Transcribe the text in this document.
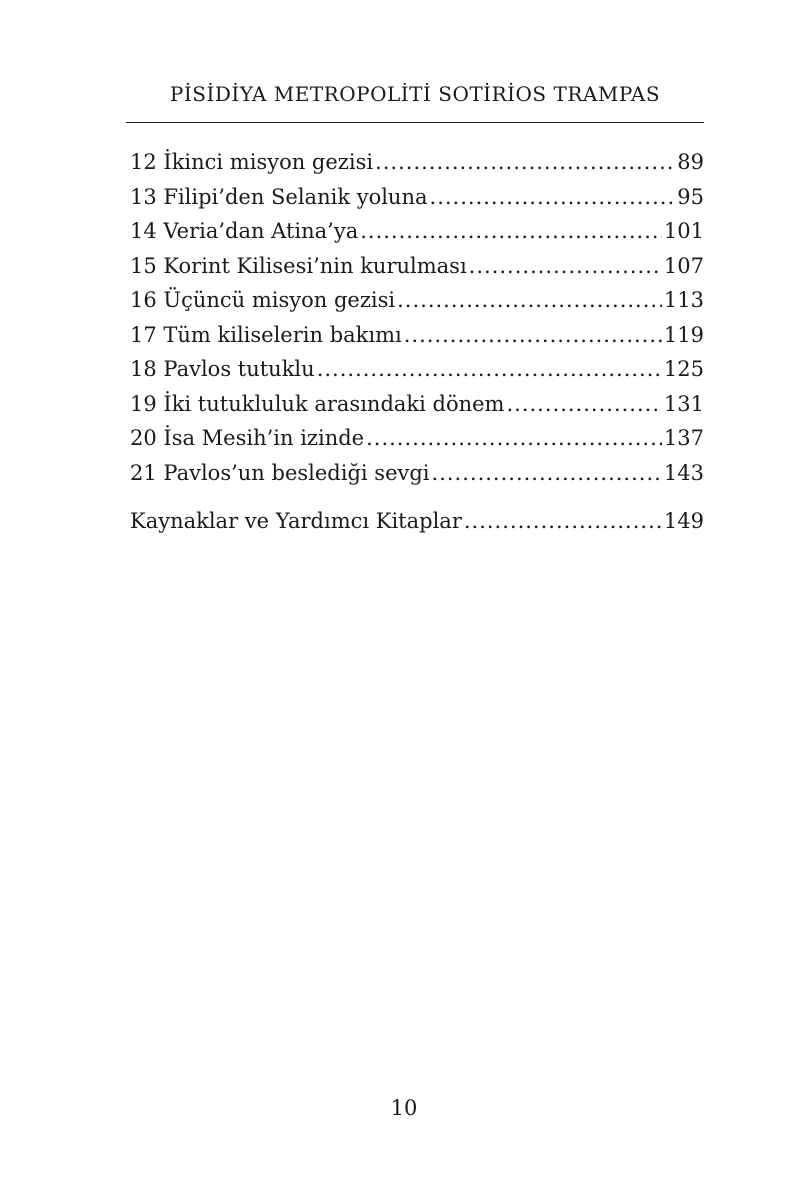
PİSİDİYA METROPOLİTİ SOTİRİOS TRAMPAS
12 İkinci misyon gezisi .....	89
13 Filipi’den Selanik yoluna .....	95
14 Veria’dan Atina’ya .....	101
15 Korint Kilisesi’nin kurulması .....	107
16 Üçüncü misyon gezisi .....	113
17 Tüm kiliselerin bakımı .....	119
18 Pavlos tutuklu .....	125
19 İki tutukluluk arasındaki dönem .....	131
20 İsa Mesih’in izinde .....	137
21 Pavlos’un beslediği sevgi .....	143
Kaynaklar ve Yardımcı Kitaplar .....	149
10
